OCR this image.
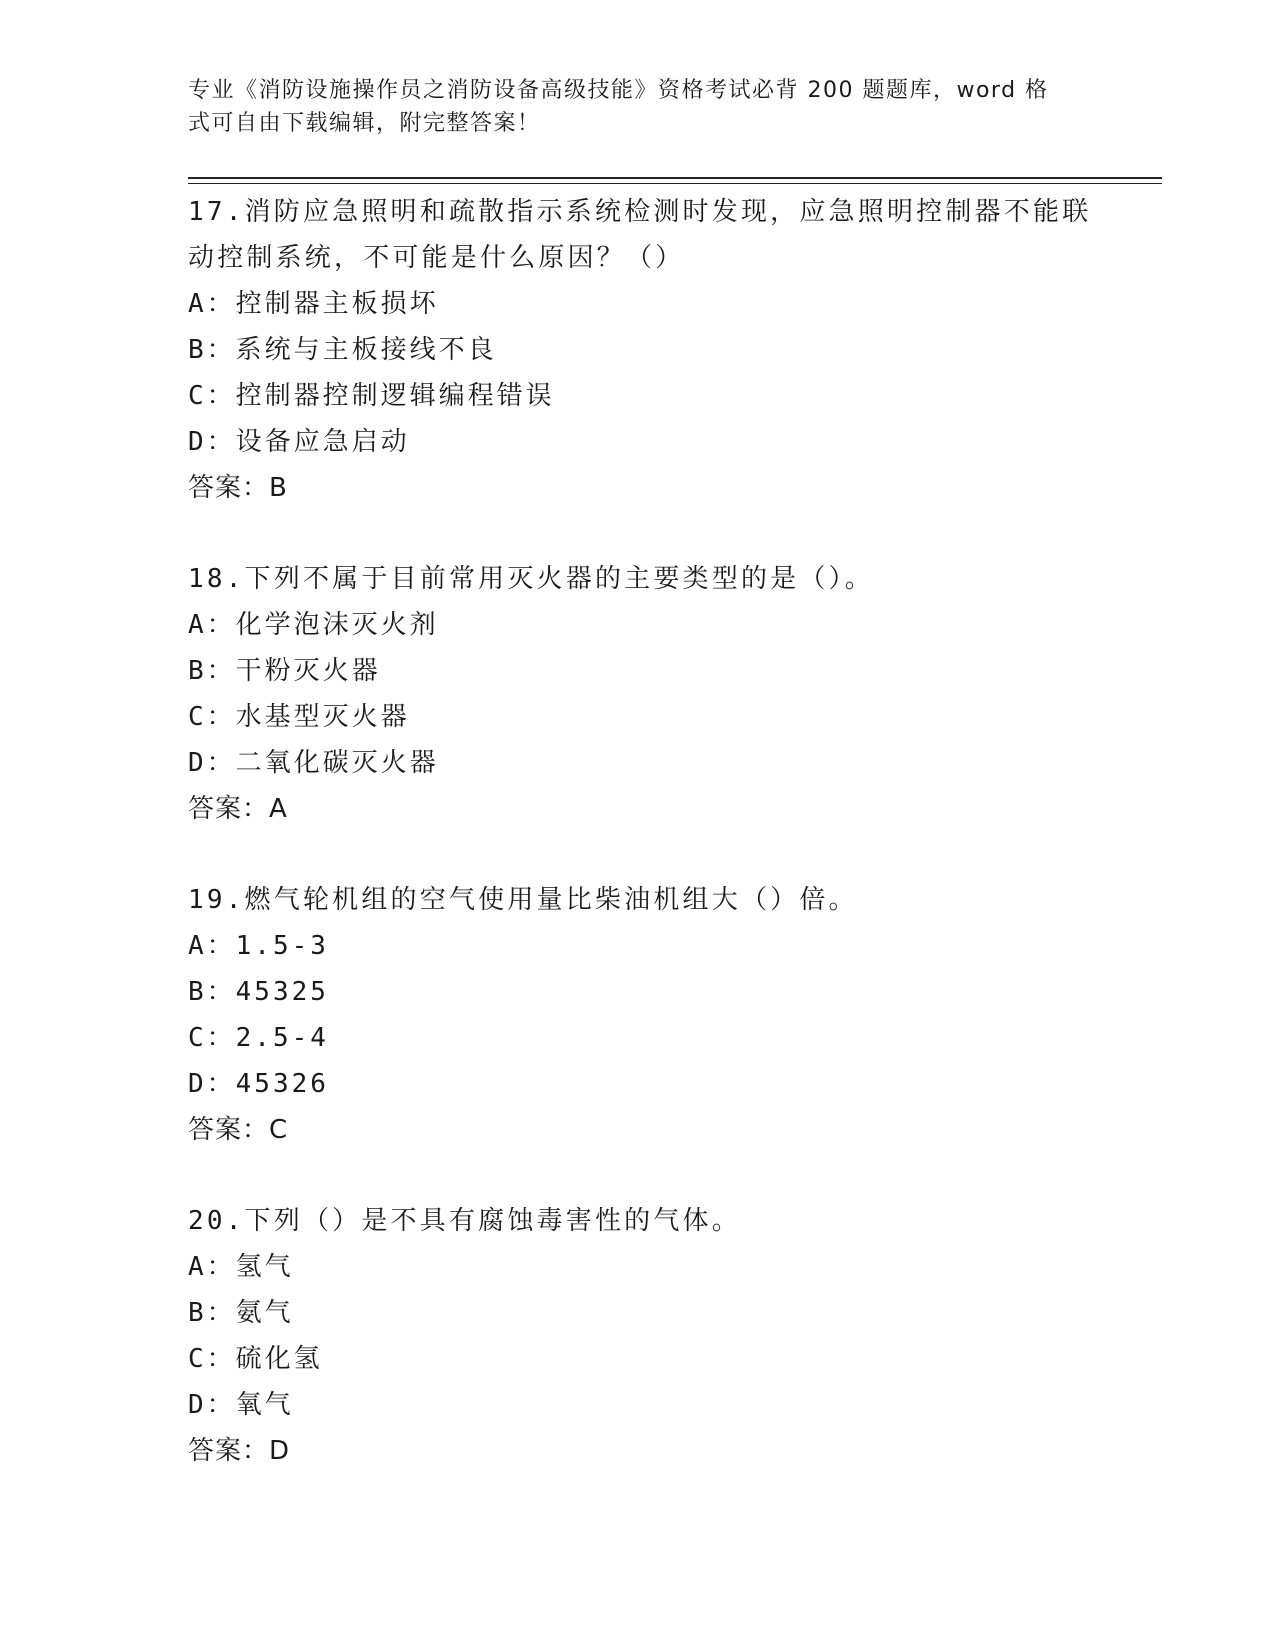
专业《消防设施操作员之消防设备高级技能》资格考试必背 200 题题库，word 格
式可自由下载编辑，附完整答案！
17.消防应急照明和疏散指示系统检测时发现，应急照明控制器不能联
动控制系统，不可能是什么原因？（）
A：控制器主板损坏
B：系统与主板接线不良
C：控制器控制逻辑编程错误
D：设备应急启动
答案：B
18.下列不属于目前常用灭火器的主要类型的是（）。
A：化学泡沫灭火剂
B：干粉灭火器
C：水基型灭火器
D：二氧化碳灭火器
答案：A
19.燃气轮机组的空气使用量比柴油机组大（）倍。
A：1.5-3
B：45325
C：2.5-4
D：45326
答案：C
20.下列（）是不具有腐蚀毒害性的气体。
A：氢气
B：氨气
C：硫化氢
D：氧气
答案：D
